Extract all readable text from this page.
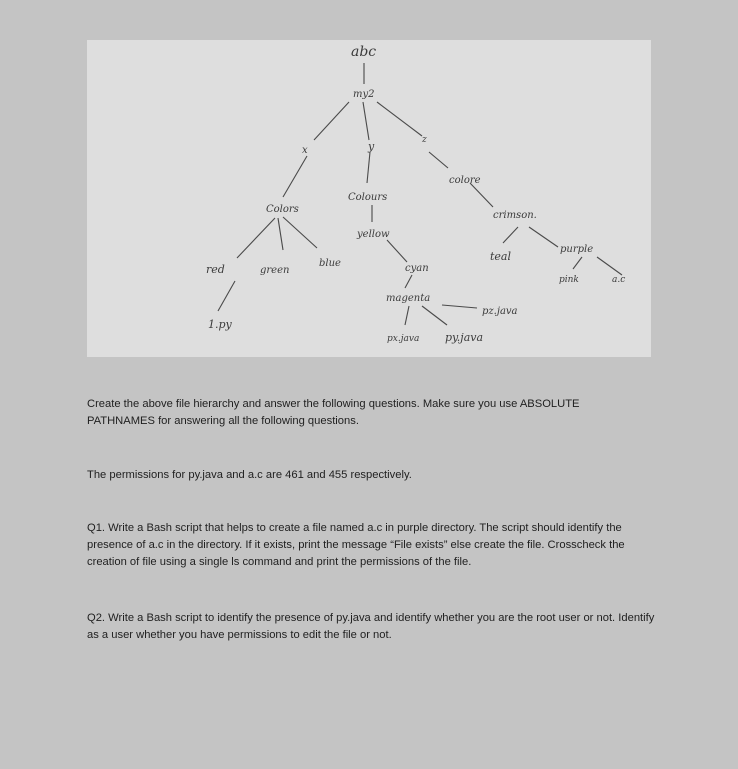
abc
my2
x	y	z
Colors
Colours
colore
crimson.
yellow
red	green
blue
teal
purple
cyan
pink	a.c
magenta
1.py
pz.java
px.java py.java

Create the above file hierarchy and answer the following questions. Make sure you use ABSOLUTE PATHNAMES for answering all the following questions.

The permissions for py.java and a.c are 461 and 455 respectively.

Q1. Write a Bash script that helps to create a file named a.c in purple directory. The script should identify the presence of a.c in the directory. If it exists, print the message “File exists” else create the file. Crosscheck the creation of file using a single ls command and print the permissions of the file.

Q2. Write a Bash script to identify the presence of py.java and identify whether you are the root user or not. Identify as a user whether you have permissions to edit the file or not.
